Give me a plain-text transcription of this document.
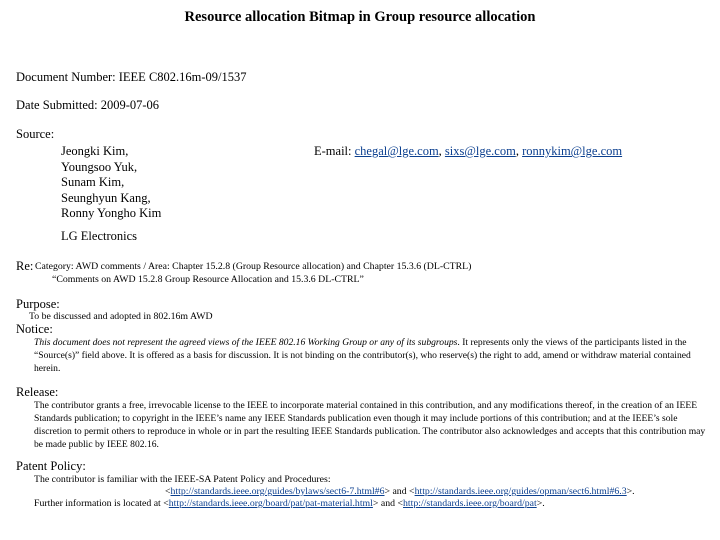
Resource allocation Bitmap in Group resource allocation
Document Number: IEEE C802.16m-09/1537
Date Submitted: 2009-07-06
Source:
Jeongki Kim,
Youngsoo Yuk,
Sunam Kim,
Seunghyun Kang,
Ronny Yongho Kim
E-mail: chegal@lge.com, sixs@lge.com, ronnykim@lge.com
LG Electronics
Re: Category: AWD comments / Area: Chapter 15.2.8 (Group Resource allocation) and Chapter 15.3.6 (DL-CTRL)
“Comments on AWD 15.2.8 Group Resource Allocation and 15.3.6 DL-CTRL”
Purpose:
To be discussed and adopted in 802.16m AWD
Notice:
This document does not represent the agreed views of the IEEE 802.16 Working Group or any of its subgroups. It represents only the views of the participants listed in the “Source(s)” field above. It is offered as a basis for discussion. It is not binding on the contributor(s), who reserve(s) the right to add, amend or withdraw material contained herein.
Release:
The contributor grants a free, irrevocable license to the IEEE to incorporate material contained in this contribution, and any modifications thereof, in the creation of an IEEE Standards publication; to copyright in the IEEE’s name any IEEE Standards publication even though it may include portions of this contribution; and at the IEEE’s sole discretion to permit others to reproduce in whole or in part the resulting IEEE Standards publication. The contributor also acknowledges and accepts that this contribution may be made public by IEEE 802.16.
Patent Policy:
The contributor is familiar with the IEEE-SA Patent Policy and Procedures:
<http://standards.ieee.org/guides/bylaws/sect6-7.html#6> and <http://standards.ieee.org/guides/opman/sect6.html#6.3>.
Further information is located at <http://standards.ieee.org/board/pat/pat-material.html> and <http://standards.ieee.org/board/pat>.
